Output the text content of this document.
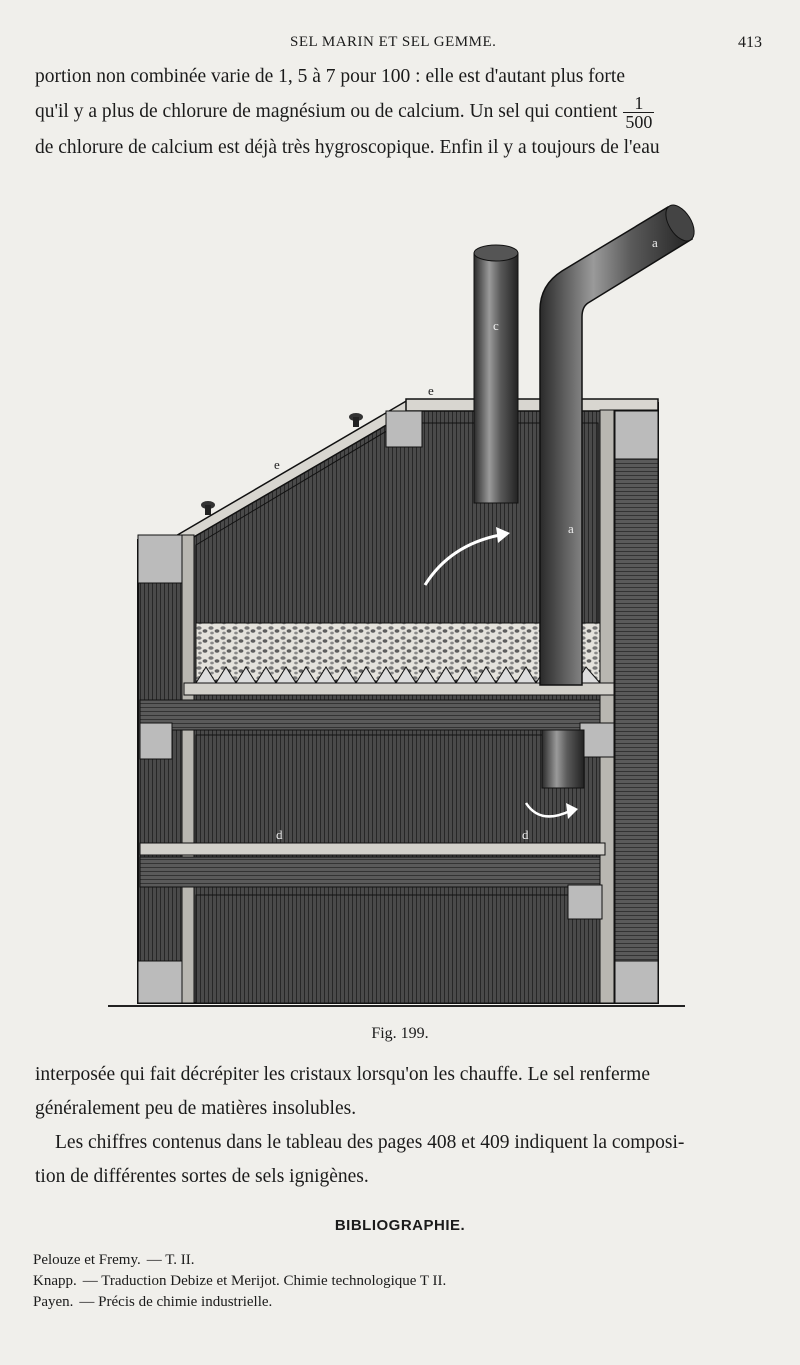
SEL MARIN ET SEL GEMME.	413
portion non combinée varie de 1, 5 à 7 pour 100 : elle est d'autant plus forte
qu'il y a plus de chlorure de magnésium ou de calcium. Un sel qui contient $\frac{1}{500}$
de chlorure de calcium est déjà très hygroscopique. Enfin il y a toujours de l'eau
a
a
c
e
e
d	d
Fig. 199.
interposée qui fait décrépiter les cristaux lorsqu'on les chauffe. Le sel renferme
généralement peu de matières insolubles.
Les chiffres contenus dans le tableau des pages 408 et 409 indiquent la composi-
tion de différentes sortes de sels ignigènes.
BIBLIOGRAPHIE.
Pelouze et Fremy. — T. II.
Knapp. — Traduction Debize et Merijot. Chimie technologique T II.
Payen. — Précis de chimie industrielle.
